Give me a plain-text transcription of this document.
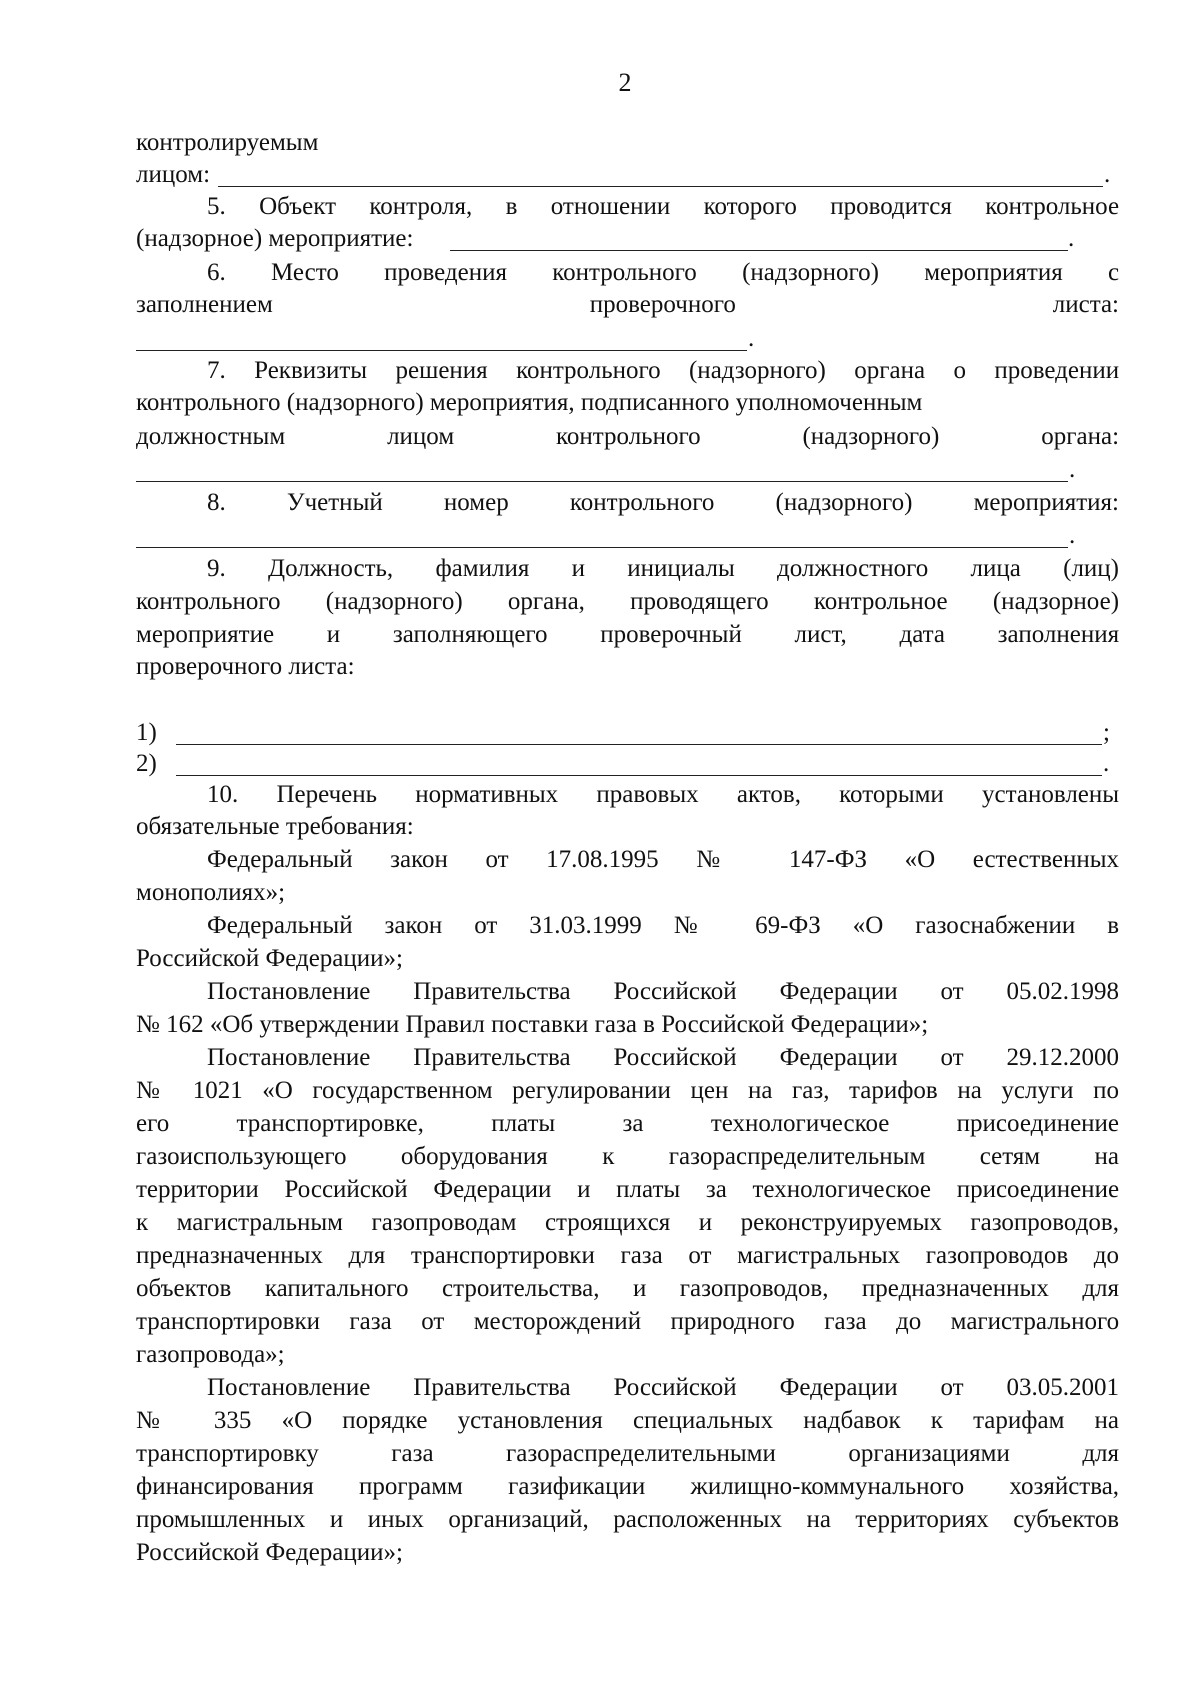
2
контролируемым
лицом:	.
5. Объект контроля, в отношении которого проводится контрольное
(надзорное) мероприятие:	.
6. Место проведения контрольного (надзорного) мероприятия с
заполнением	проверочного	листа:
.
7. Реквизиты решения контрольного (надзорного) органа о проведении
контрольного (надзорного) мероприятия, подписанного уполномоченным
должностным	лицом	контрольного	(надзорного)	органа:
.
8. Учетный номер контрольного (надзорного) мероприятия:
.
9. Должность, фамилия и инициалы должностного лица (лиц)
контрольного (надзорного) органа, проводящего контрольное (надзорное)
мероприятие и заполняющего проверочный лист, дата заполнения
проверочного листа:
1)	;
2)	.
10. Перечень нормативных правовых актов, которыми установлены
обязательные требования:
Федеральный закон от 17.08.1995 № 147-ФЗ «О естественных
монополиях»;
Федеральный закон от 31.03.1999 № 69-ФЗ «О газоснабжении в
Российской Федерации»;
Постановление Правительства Российской Федерации от 05.02.1998
№ 162 «Об утверждении Правил поставки газа в Российской Федерации»;
Постановление Правительства Российской Федерации от 29.12.2000
№ 1021 «О государственном регулировании цен на газ, тарифов на услуги по
его	транспортировке,	платы	за	технологическое	присоединение
газоиспользующего оборудования к газораспределительным сетям на
территории Российской Федерации и платы за технологическое присоединение
к магистральным газопроводам строящихся и реконструируемых газопроводов,
предназначенных для транспортировки газа от магистральных газопроводов до
объектов капитального строительства, и газопроводов, предназначенных для
транспортировки газа от месторождений природного газа до магистрального
газопровода»;
Постановление Правительства Российской Федерации от 03.05.2001
№ 335 «О порядке установления специальных надбавок к тарифам на
транспортировку	газа	газораспределительными	организациями	для
финансирования программ газификации жилищно-коммунального хозяйства,
промышленных и иных организаций, расположенных на территориях субъектов
Российской Федерации»;
